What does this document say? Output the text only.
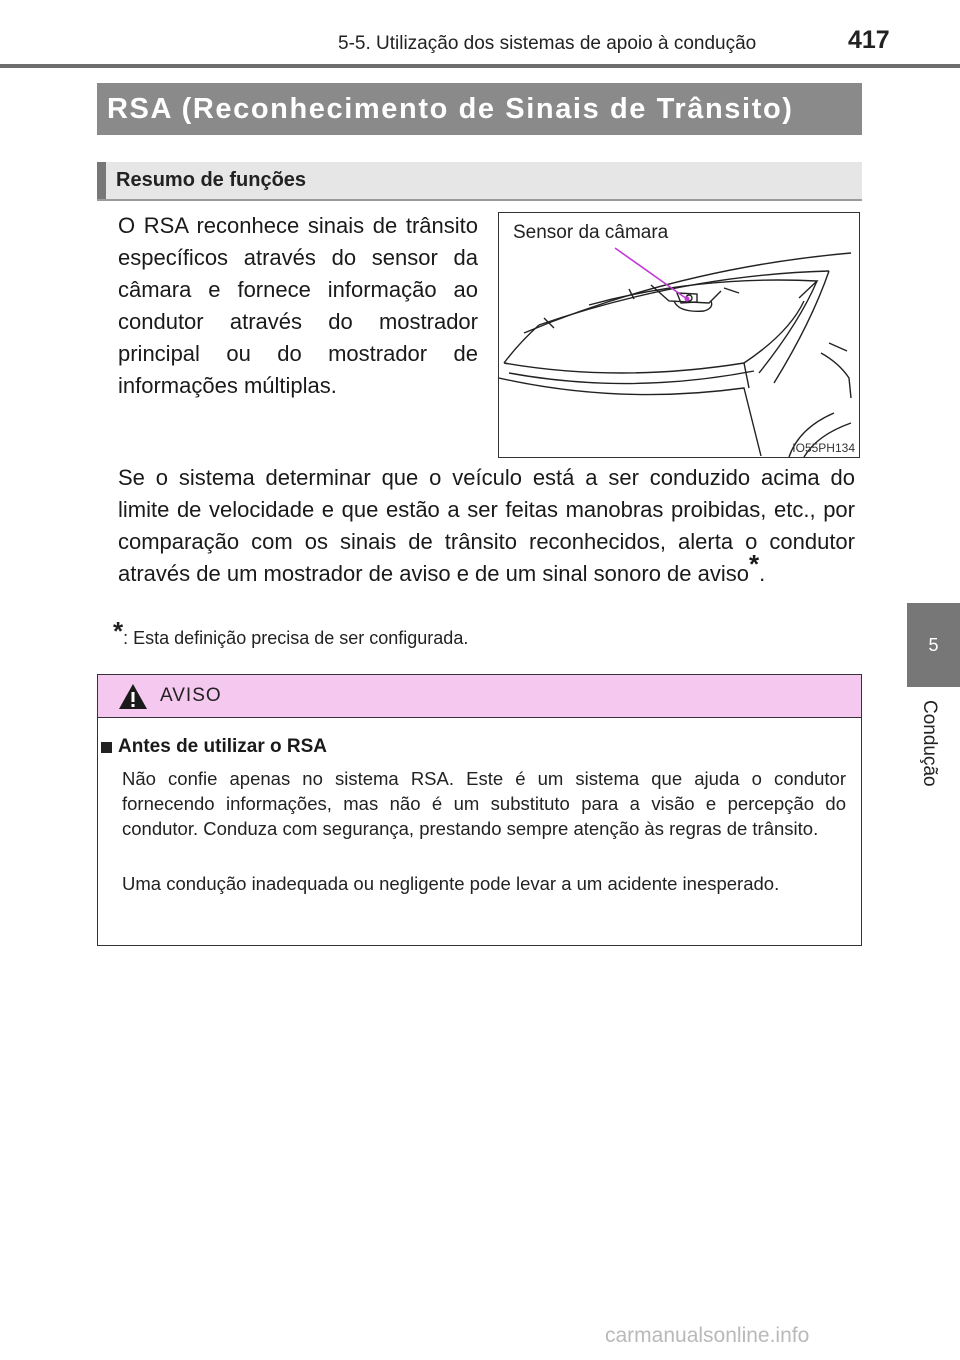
5-5. Utilização dos sistemas de apoio à condução	417
5
Condução
RSA (Reconhecimento de Sinais de Trânsito)
Resumo de funções

O RSA reconhece sinais de trânsito específicos através do sensor da câmara e fornece informação ao condutor através do mostrador principal ou do mostrador de informações múltiplas.

Sensor da câmara
IO55PH134

Se o sistema determinar que o veículo está a ser conduzido acima do limite de velocidade e que estão a ser feitas manobras proibidas, etc., por comparação com os sinais de trânsito reconhecidos, alerta o condutor através de um mostrador de aviso e de um sinal sonoro de aviso*.

*: Esta definição precisa de ser configurada.
AVISO
Antes de utilizar o RSA

Não confie apenas no sistema RSA. Este é um sistema que ajuda o condutor fornecendo informações, mas não é um substituto para a visão e percepção do condutor. Conduza com segurança, prestando sempre atenção às regras de trânsito.

Uma condução inadequada ou negligente pode levar a um acidente inesperado.

carmanualsonline.info
